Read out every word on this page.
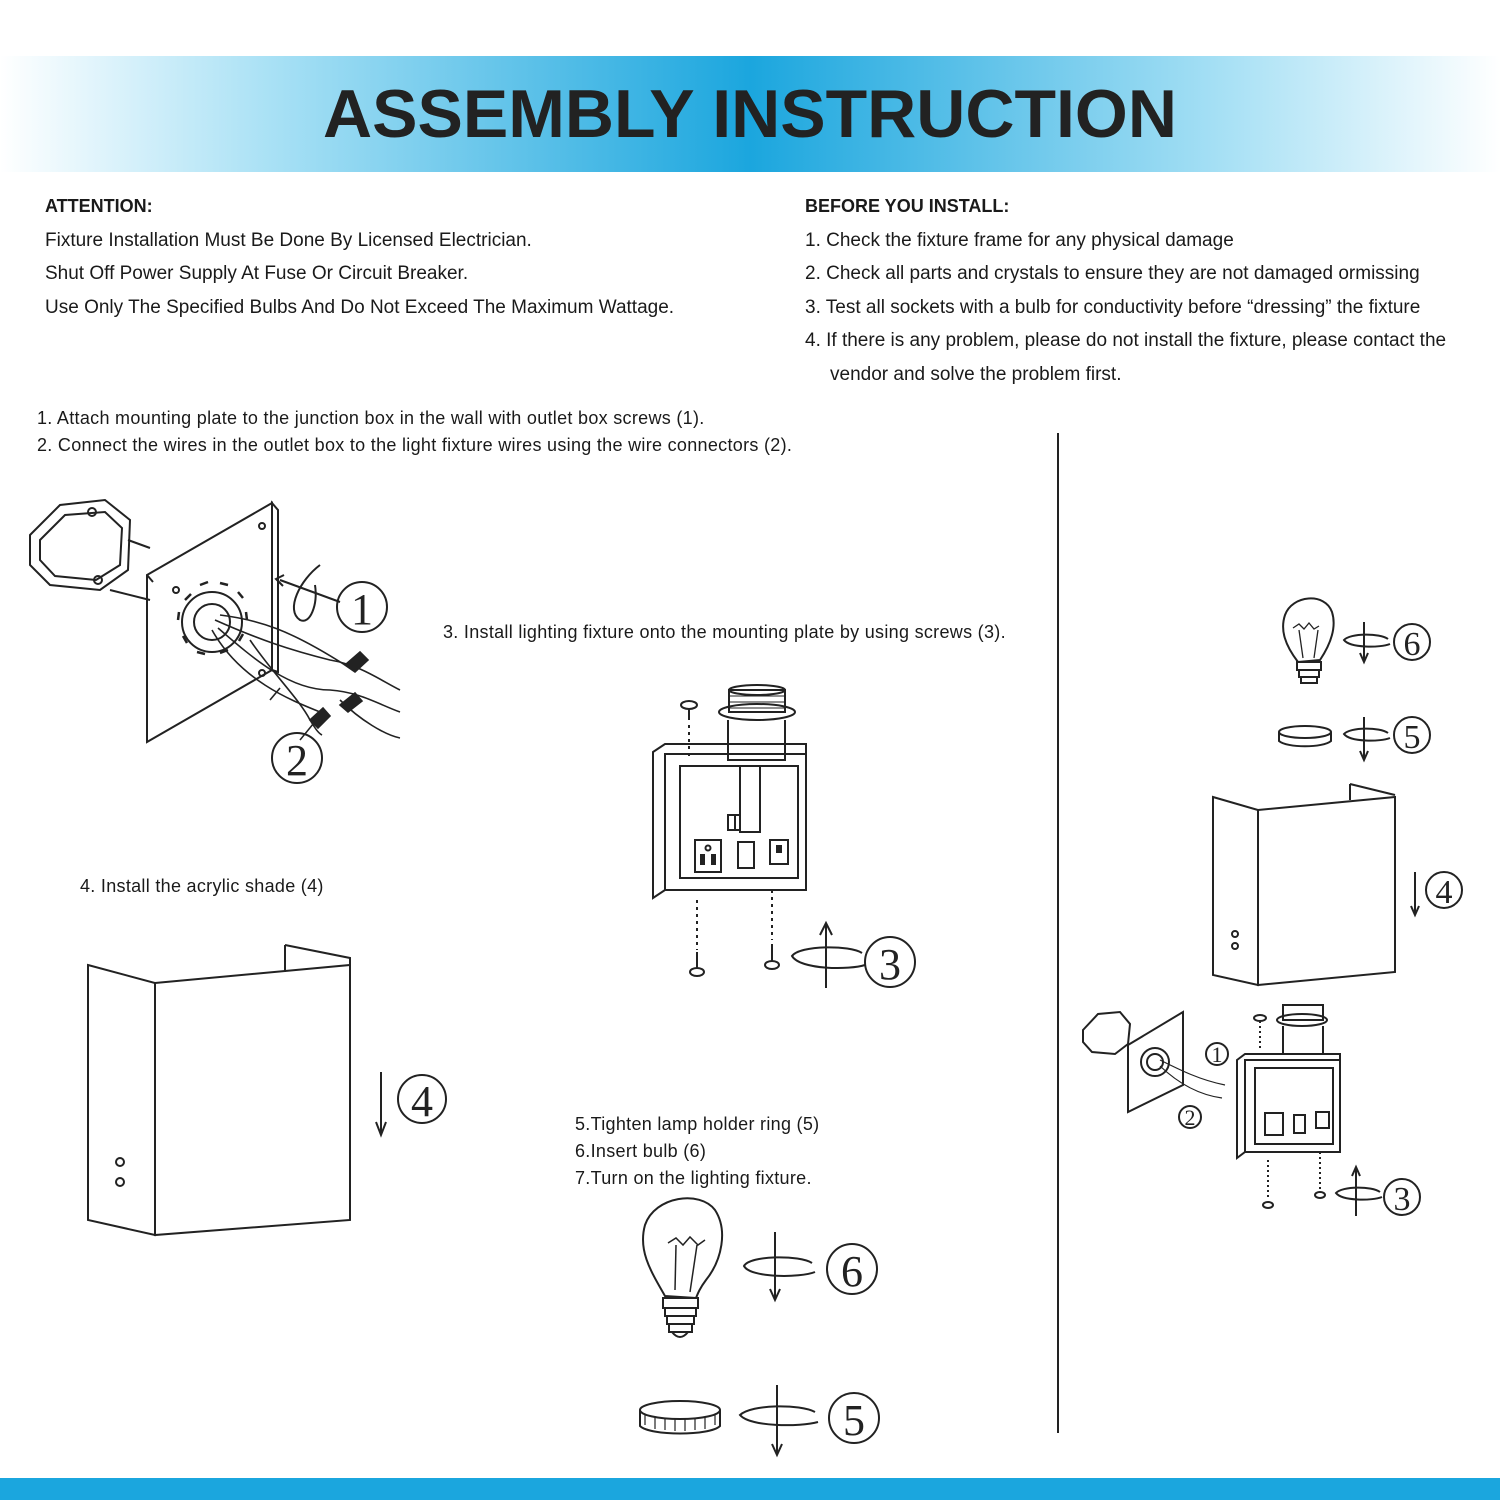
ASSEMBLY INSTRUCTION

ATTENTION:

Fixture Installation Must Be Done By Licensed Electrician.

Shut Off Power Supply At Fuse Or Circuit Breaker.

Use Only The Specified Bulbs And Do Not Exceed The Maximum Wattage.

BEFORE YOU INSTALL:

1. Check the fixture frame for any physical damage

2. Check all parts and crystals to ensure they are not damaged ormissing

3. Test all sockets with a bulb for conductivity before “dressing” the fixture

4. If there is any problem, please do not install the fixture, please contact the

vendor and solve the problem first.

1. Attach mounting plate to the junction box in the wall with outlet box screws (1).
2. Connect the wires in the outlet box to the light fixture wires using the wire connectors (2).
3. Install lighting fixture onto the mounting plate by using screws (3).
4. Install the acrylic shade (4)
5.Tighten lamp holder ring (5)
6.Insert bulb (6)
7.Turn on the lighting fixture.
1
2
3
4
6
5
6
5
4
1
2
3
